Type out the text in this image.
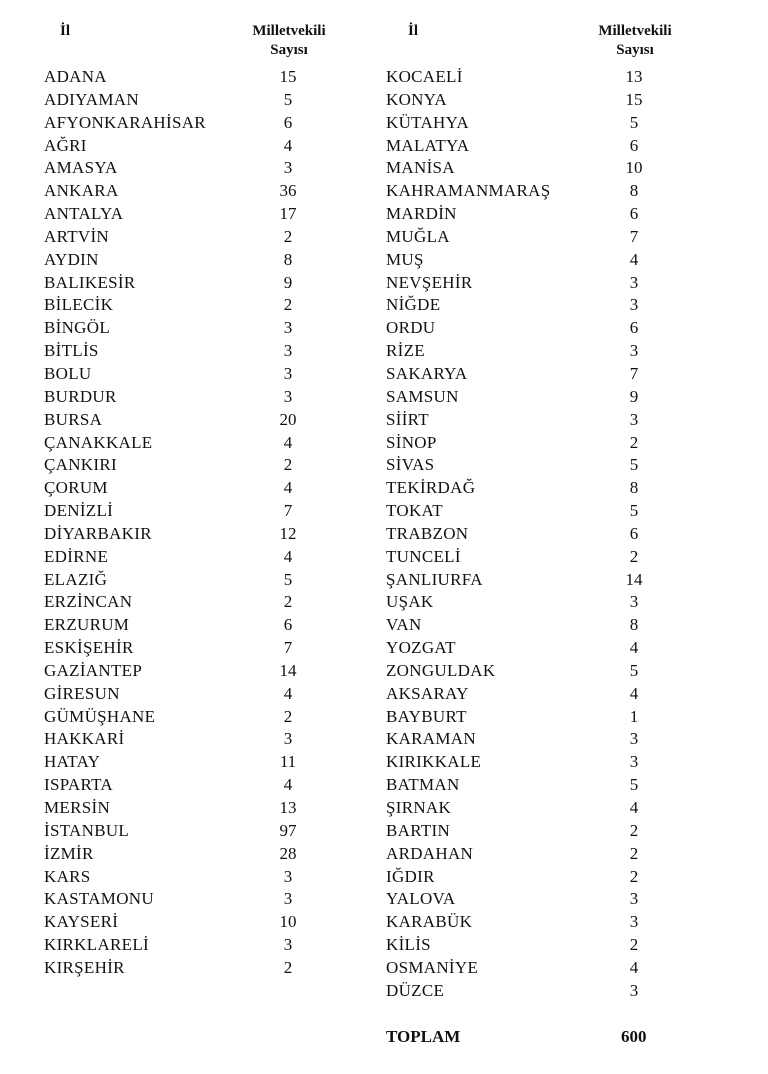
İl	Milletvekili
Sayısı
ADANA	15
ADIYAMAN	5
AFYONKARAHİSAR	6
AĞRI	4
AMASYA	3
ANKARA	36
ANTALYA	17
ARTVİN	2
AYDIN	8
BALIKESİR	9
BİLECİK	2
BİNGÖL	3
BİTLİS	3
BOLU	3
BURDUR	3
BURSA	20
ÇANAKKALE	4
ÇANKIRI	2
ÇORUM	4
DENİZLİ	7
DİYARBAKIR	12
EDİRNE	4
ELAZIĞ	5
ERZİNCAN	2
ERZURUM	6
ESKİŞEHİR	7
GAZİANTEP	14
GİRESUN	4
GÜMÜŞHANE	2
HAKKARİ	3
HATAY	11
ISPARTA	4
MERSİN	13
İSTANBUL	97
İZMİR	28
KARS	3
KASTAMONU	3
KAYSERİ	10
KIRKLARELİ	3
KIRŞEHİR	2
İl	Milletvekili
Sayısı
KOCAELİ	13
KONYA	15
KÜTAHYA	5
MALATYA	6
MANİSA	10
KAHRAMANMARAŞ	8
MARDİN	6
MUĞLA	7
MUŞ	4
NEVŞEHİR	3
NİĞDE	3
ORDU	6
RİZE	3
SAKARYA	7
SAMSUN	9
SİİRT	3
SİNOP	2
SİVAS	5
TEKİRDAĞ	8
TOKAT	5
TRABZON	6
TUNCELİ	2
ŞANLIURFA	14
UŞAK	3
VAN	8
YOZGAT	4
ZONGULDAK	5
AKSARAY	4
BAYBURT	1
KARAMAN	3
KIRIKKALE	3
BATMAN	5
ŞIRNAK	4
BARTIN	2
ARDAHAN	2
IĞDIR	2
YALOVA	3
KARABÜK	3
KİLİS	2
OSMANİYE	4
DÜZCE	3
TOPLAM	600
